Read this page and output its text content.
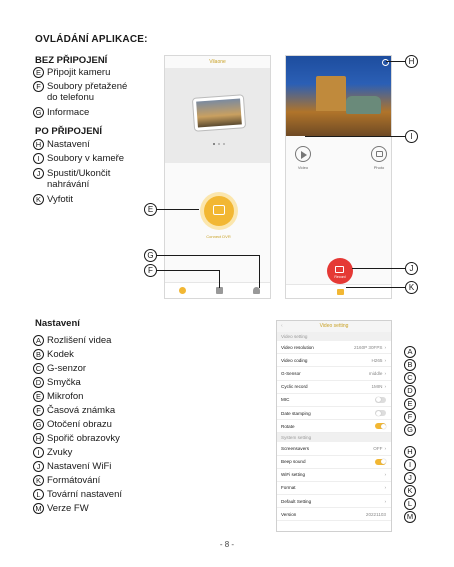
OVLÁDÁNÍ APLIKACE:
BEZ PŘIPOJENÍ
E Připojit kameru
F Soubory přetažené
do telefonu
G Informace
PO PŘIPOJENÍ
H Nastavení
I Soubory v kameře
J Spustit/Ukončit
nahrávání
K Vyfotit
Vilaone
Connect DVR
Video	Photo
Record
E
G
F
H
I
J
K
Nastavení
A Rozlišení videa
B Kodek
C G-senzor
D Smyčka
E Mikrofon
F Časová známka
G Otočení obrazu
H Spořič obrazovky
I Zvuky
J Nastavení WiFi
K Formátování
L Tovární nastavení
M Verze FW
‹	Video setting
Video setting
Video resolution	2160P 30FPS ›
Video coding	H265 ›
G-Sensor	middle ›
Cyclic record	1MIN ›
MIC
Date stamping
Rotate
System setting
Screensavers	OFF ›
Beep sound
WiFi setting	›
Format	›
Default Setting	›
Version	20221103
A
B
C
D
E
F
G
H
I
J
K
L
M
- 8 -
